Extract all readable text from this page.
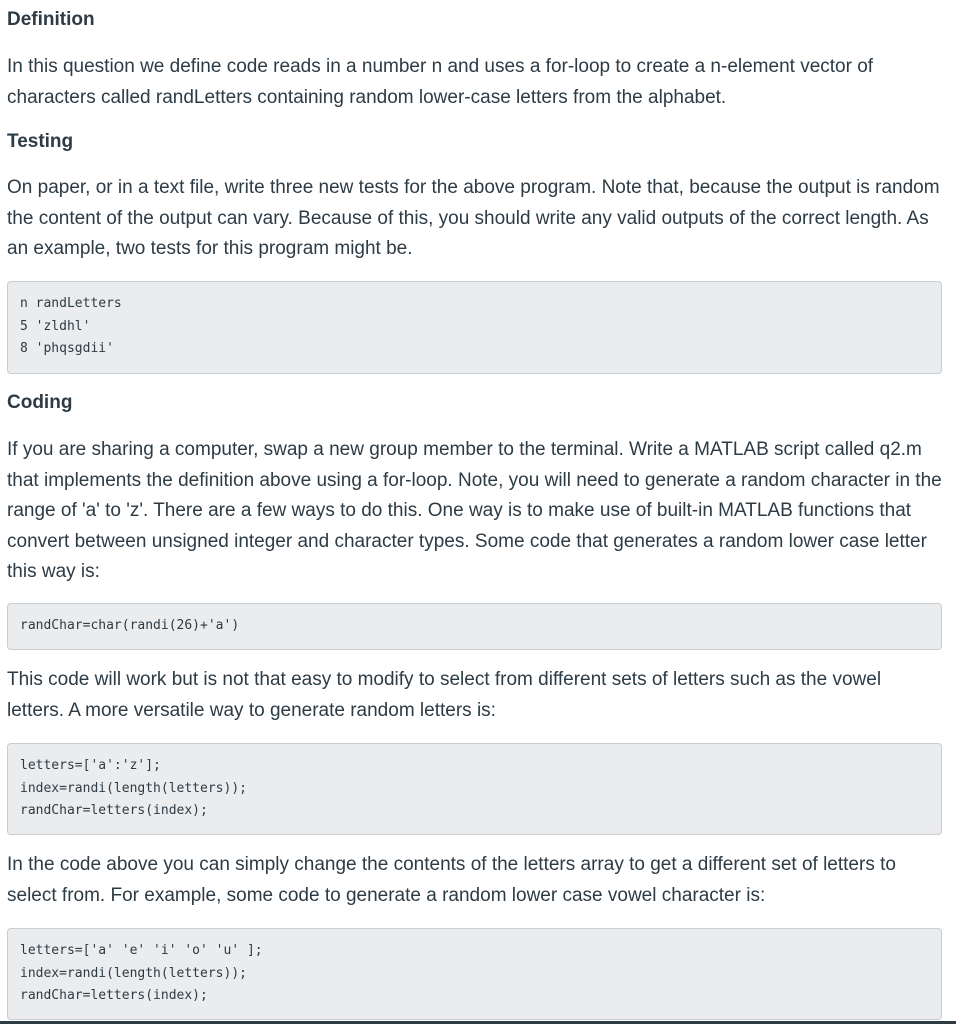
Definition

In this question we define code reads in a number n and uses a for-loop to create a n-element vector of characters called randLetters containing random lower-case letters from the alphabet.

Testing

On paper, or in a text file, write three new tests for the above program. Note that, because the output is random the content of the output can vary. Because of this, you should write any valid outputs of the correct length. As an example, two tests for this program might be.

n randLetters
5 'zldhl'
8 'phqsgdii'
Coding

If you are sharing a computer, swap a new group member to the terminal. Write a MATLAB script called q2.m that implements the definition above using a for-loop. Note, you will need to generate a random character in the range of 'a' to 'z'. There are a few ways to do this. One way is to make use of built-in MATLAB functions that convert between unsigned integer and character types. Some code that generates a random lower case letter this way is:

randChar=char(randi(26)+'a')

This code will work but is not that easy to modify to select from different sets of letters such as the vowel letters. A more versatile way to generate random letters is:

letters=['a':'z'];
index=randi(length(letters));
randChar=letters(index);

In the code above you can simply change the contents of the letters array to get a different set of letters to select from. For example, some code to generate a random lower case vowel character is:

letters=['a' 'e' 'i' 'o' 'u' ];
index=randi(length(letters));
randChar=letters(index);
